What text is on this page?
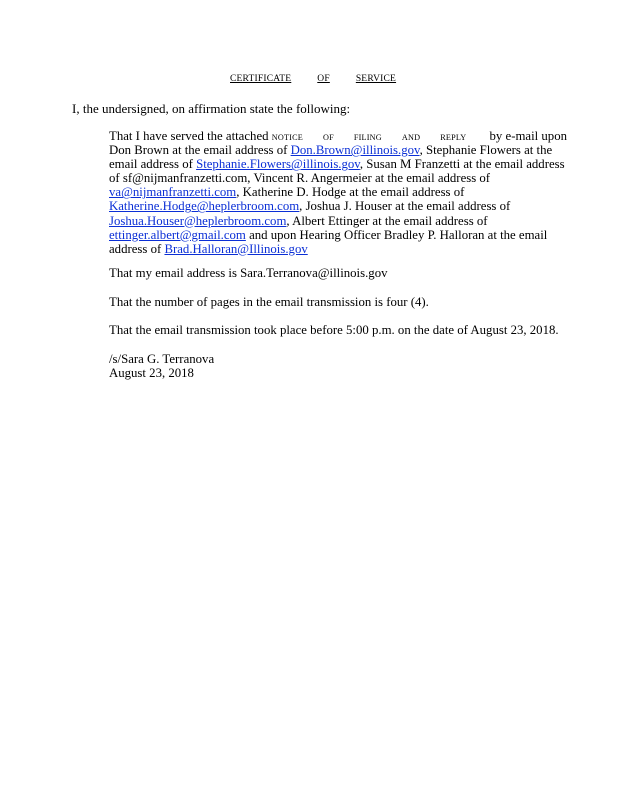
CERTIFICATE	OF	SERVICE
I, the undersigned, on affirmation state the following:
That I have served the attached NOTICE OF FILING AND REPLY by e-mail upon
Don Brown at the email address of Don.Brown@illinois.gov, Stephanie Flowers at the
email address of Stephanie.Flowers@illinois.gov, Susan M Franzetti at the email address
of sf@nijmanfranzetti.com, Vincent R. Angermeier at the email address of
va@nijmanfranzetti.com, Katherine D. Hodge at the email address of
Katherine.Hodge@heplerbroom.com, Joshua J. Houser at the email address of
Joshua.Houser@heplerbroom.com, Albert Ettinger at the email address of
ettinger.albert@gmail.com and upon Hearing Officer Bradley P. Halloran at the email
address of Brad.Halloran@Illinois.gov
That my email address is Sara.Terranova@illinois.gov
That the number of pages in the email transmission is four (4).
That the email transmission took place before 5:00 p.m. on the date of August 23, 2018.
/s/Sara G. Terranova
August 23, 2018
